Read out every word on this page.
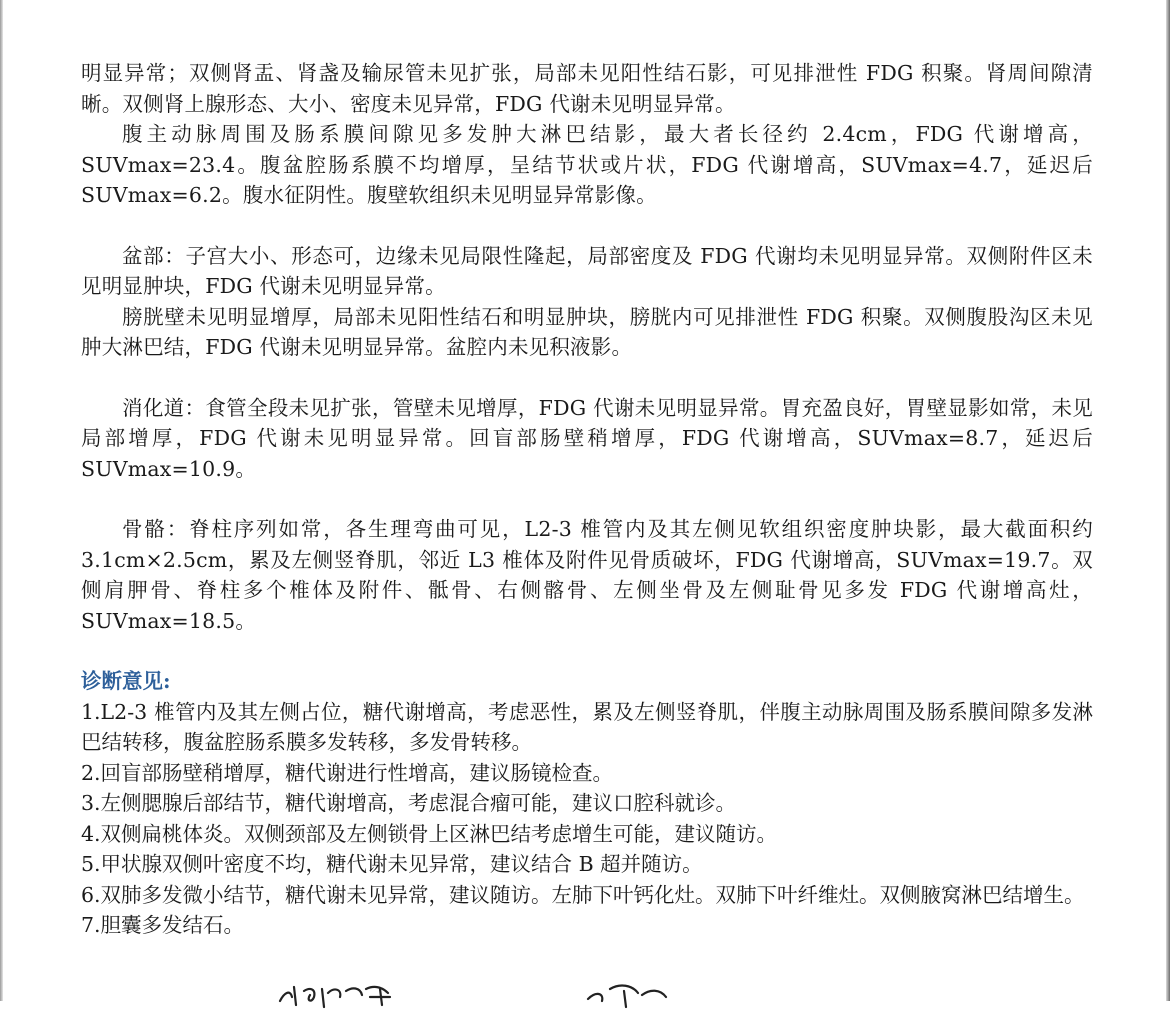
明显异常；双侧肾盂、肾盏及输尿管未见扩张，局部未见阳性结石影，可见排泄性 FDG 积聚。肾周间隙清晰。双侧肾上腺形态、大小、密度未见异常，FDG 代谢未见明显异常。

腹主动脉周围及肠系膜间隙见多发肿大淋巴结影，最大者长径约 2.4cm，FDG 代谢增高，SUVmax=23.4。腹盆腔肠系膜不均增厚，呈结节状或片状，FDG 代谢增高，SUVmax=4.7，延迟后 SUVmax=6.2。腹水征阴性。腹壁软组织未见明显异常影像。

盆部：子宫大小、形态可，边缘未见局限性隆起，局部密度及 FDG 代谢均未见明显异常。双侧附件区未见明显肿块，FDG 代谢未见明显异常。

膀胱壁未见明显增厚，局部未见阳性结石和明显肿块，膀胱内可见排泄性 FDG 积聚。双侧腹股沟区未见肿大淋巴结，FDG 代谢未见明显异常。盆腔内未见积液影。

消化道：食管全段未见扩张，管壁未见增厚，FDG 代谢未见明显异常。胃充盈良好，胃壁显影如常，未见局部增厚，FDG 代谢未见明显异常。回盲部肠壁稍增厚，FDG 代谢增高，SUVmax=8.7，延迟后 SUVmax=10.9。

骨骼：脊柱序列如常，各生理弯曲可见，L2-3 椎管内及其左侧见软组织密度肿块影，最大截面积约 3.1cm×2.5cm，累及左侧竖脊肌，邻近 L3 椎体及附件见骨质破坏，FDG 代谢增高，SUVmax=19.7。双侧肩胛骨、脊柱多个椎体及附件、骶骨、右侧髂骨、左侧坐骨及左侧耻骨见多发 FDG 代谢增高灶，SUVmax=18.5。

诊断意见:

1.L2-3 椎管内及其左侧占位，糖代谢增高，考虑恶性，累及左侧竖脊肌，伴腹主动脉周围及肠系膜间隙多发淋巴结转移，腹盆腔肠系膜多发转移，多发骨转移。

2.回盲部肠壁稍增厚，糖代谢进行性增高，建议肠镜检查。

3.左侧腮腺后部结节，糖代谢增高，考虑混合瘤可能，建议口腔科就诊。

4.双侧扁桃体炎。双侧颈部及左侧锁骨上区淋巴结考虑增生可能，建议随访。

5.甲状腺双侧叶密度不均，糖代谢未见异常，建议结合 B 超并随访。

6.双肺多发微小结节，糖代谢未见异常，建议随访。左肺下叶钙化灶。双肺下叶纤维灶。双侧腋窝淋巴结增生。

7.胆囊多发结石。
